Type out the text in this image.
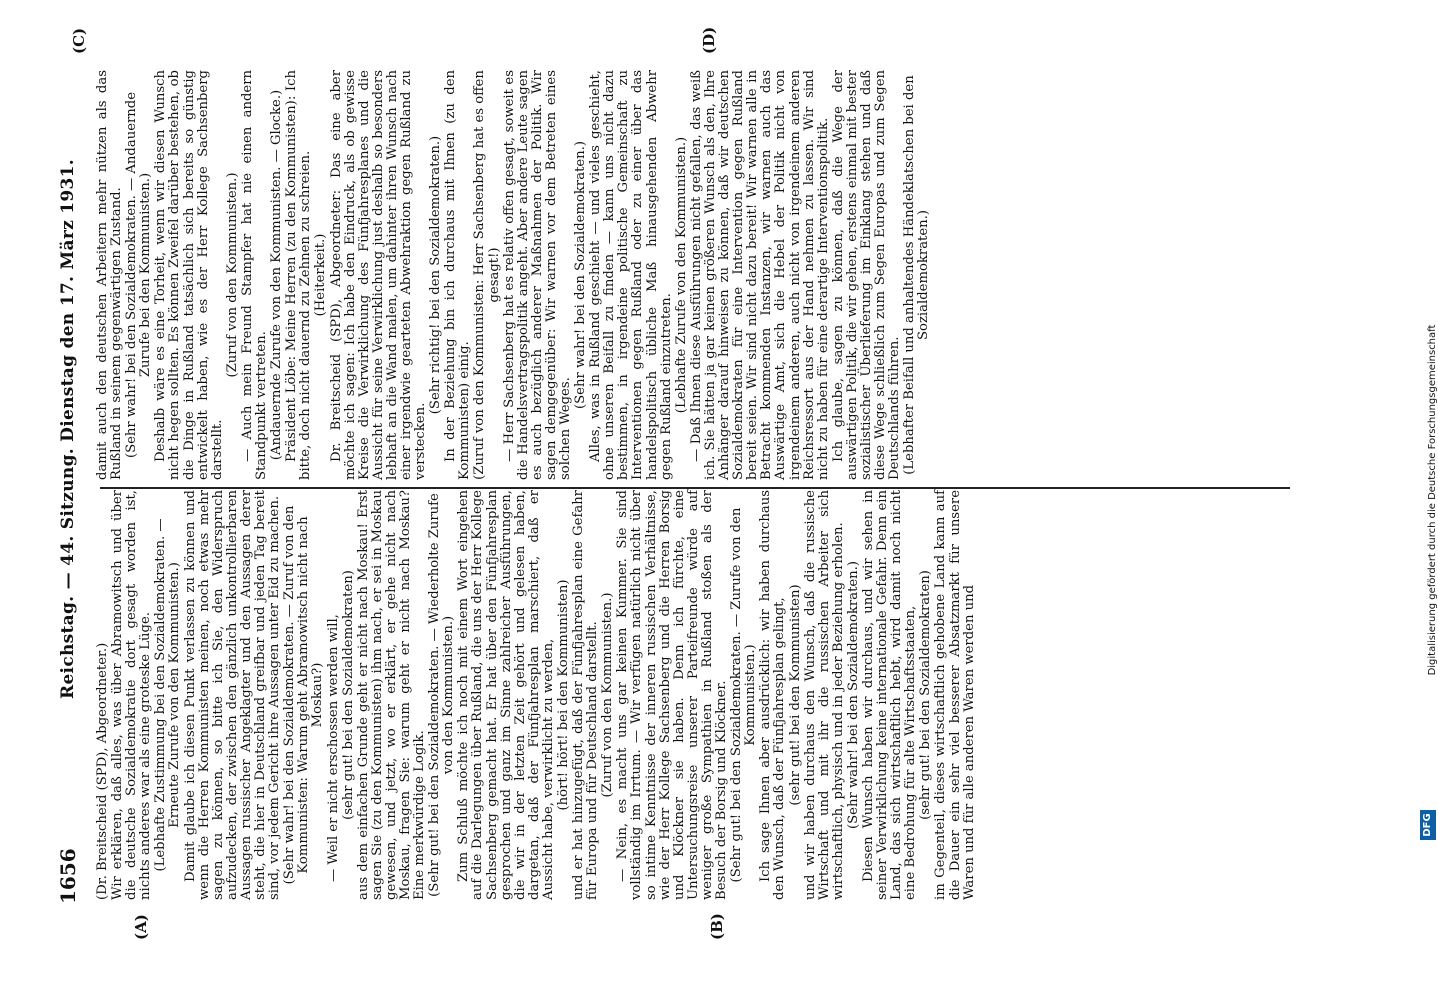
1656
Reichstag. — 44. Sitzung. Dienstag den 17. März 1931.
(A)	(B)
(C)	(D)

(Dr. Breitscheid (SPD), Abgeordneter.) Wir erklären, daß alles, was über Abramowitsch und über die deutsche Sozialdemokratie dort gesagt worden ist, nichts anderes war als eine groteske Lüge. (Lebhafte Zustimmung bei den Sozialdemokraten. — Erneute Zurufe von den Kommunisten.) Damit glaube ich diesen Punkt verlassen zu können und wenn die Herren Kommunisten meinen, noch etwas mehr sagen zu können, so bitte ich Sie, den Widerspruch aufzudecken, der zwischen den gänzlich unkontrollierbaren Aussagen russischer Angeklagter und den Aussagen derer steht, die hier in Deutschland greifbar und jeden Tag bereit sind, vor jedem Gericht ihre Aussagen unter Eid zu machen. (Sehr wahr! bei den Sozialdemokraten. — Zuruf von den Kommunisten: Warum geht Abramowitsch nicht nach Moskau?) — Weil er nicht erschossen werden will, (sehr gut! bei den Sozialdemokraten) aus dem einfachen Grunde geht er nicht nach Moskau! Erst sagen Sie (zu den Kommunisten) ihm nach, er sei in Moskau gewesen, und jetzt, wo er erklärt, er gehe nicht nach Moskau, fragen Sie: warum geht er nicht nach Moskau? Eine merkwürdige Logik. (Sehr gut! bei den Sozialdemokraten. — Wiederholte Zurufe von den Kommunisten.) Zum Schluß möchte ich noch mit einem Wort eingehen auf die Darlegungen über Rußland, die uns der Herr Kollege Sachsenberg gemacht hat. Er hat über den Fünfjahresplan gesprochen und ganz im Sinne zahlreicher Ausführungen, die wir in der letzten Zeit gehört und gelesen haben, dargetan, daß der Fünfjahresplan marschiert, daß er Aussicht habe, verwirklicht zu werden, (hört! hört! bei den Kommunisten) und er hat hinzugefügt, daß der Fünfjahresplan eine Gefahr für Europa und für Deutschland darstellt. (Zuruf von den Kommunisten.) — Nein, es macht uns gar keinen Kummer. Sie sind vollständig im Irrtum. — Wir verfügen natürlich nicht über so intime Kenntnisse der inneren russischen Verhältnisse, wie der Herr Kollege Sachsenberg und die Herren Borsig und Klöckner sie haben. Denn ich fürchte, eine Untersuchungsreise unserer Parteifreunde würde auf weniger große Sympathien in Rußland stoßen als der Besuch der Borsig und Klöckner. (Sehr gut! bei den Sozialdemokraten. — Zurufe von den Kommunisten.) Ich sage Ihnen aber ausdrücklich: wir haben durchaus den Wunsch, daß der Fünfjahresplan gelingt, (sehr gut! bei den Kommunisten) und wir haben durchaus den Wunsch, daß die russische Wirtschaft und mit ihr die russischen Arbeiter sich wirtschaftlich, physisch und in jeder Beziehung erholen. (Sehr wahr! bei den Sozialdemokraten.) Diesen Wunsch haben wir durchaus, und wir sehen in seiner Verwirklichung keine internationale Gefahr. Denn ein Land, das sich wirtschaftlich hebt, wird damit noch nicht eine Bedrohung für alte Wirtschaftsstaaten, (sehr gut! bei den Sozialdemokraten) im Gegenteil, dieses wirtschaftlich gehobene Land kann auf die Dauer ein sehr viel besserer Absatzmarkt für unsere Waren und für alle anderen Waren werden und

damit auch den deutschen Arbeitern mehr nützen als das Rußland in seinem gegenwärtigen Zustand. (Sehr wahr! bei den Sozialdemokraten. — Andauernde Zurufe bei den Kommunisten.) Deshalb wäre es eine Torheit, wenn wir diesen Wunsch nicht hegen sollten. Es können Zweifel darüber bestehen, ob die Dinge in Rußland tatsächlich sich bereits so günstig entwickelt haben, wie es der Herr Kollege Sachsenberg darstellt.

(Zuruf von den Kommunisten.) — Auch mein Freund Stampfer hat nie einen andern Standpunkt vertreten. (Andauernde Zurufe von den Kommunisten. — Glocke.) Präsident Löbe: Meine Herren (zu den Kommunisten): Ich bitte, doch nicht dauernd zu Zehnen zu schreien. (Heiterkeit.) Dr. Breitscheid (SPD), Abgeordneter: Das eine aber möchte ich sagen: Ich habe den Eindruck, als ob gewisse Kreise die Verwirklichung des Fünfjahresplanes und die Aussicht für seine Verwirklichung just deshalb so besonders lebhaft an die Wand malen, um dahinter ihren Wunsch nach einer irgendwie gearteten Abwehraktion gegen Rußland zu verstecken.

(Sehr richtig! bei den Sozialdemokraten.) In der Beziehung bin ich durchaus mit Ihnen (zu den Kommunisten) einig. (Zuruf von den Kommunisten: Herr Sachsenberg hat es offen gesagt!) — Herr Sachsenberg hat es relativ offen gesagt, soweit es die Handelsvertragspolitik angeht. Aber andere Leute sagen es auch bezüglich anderer Maßnahmen der Politik. Wir sagen demgegenüber: Wir warnen vor dem Betreten eines solchen Weges.

(Sehr wahr! bei den Sozialdemokraten.) Alles, was in Rußland geschieht — und vieles geschieht, ohne unseren Beifall zu finden — kann uns nicht dazu bestimmen, in irgendeine politische Gemeinschaft zu Interventionen gegen Rußland oder zu einer über das handelspolitisch übliche Maß hinausgehenden Abwehr gegen Rußland einzutreten. (Lebhafte Zurufe von den Kommunisten.) — Daß Ihnen diese Ausführungen nicht gefallen, das weiß ich. Sie hätten ja gar keinen größeren Wunsch als den, Ihre Anhänger darauf hinweisen zu können, daß wir deutschen Sozialdemokraten für eine Intervention gegen Rußland bereit seien. Wir sind nicht dazu bereit! Wir warnen alle in Betracht kommenden Instanzen, wir warnen auch das Auswärtige Amt, sich die Hebel der Politik nicht von irgendeinem anderen, auch nicht von irgendeinem anderen Reichsressort aus der Hand nehmen zu lassen. Wir sind nicht zu haben für eine derartige Interventionspolitik. Ich glaube, sagen zu können, daß die Wege der auswärtigen Politik, die wir gehen, erstens einmal mit bester sozialistischer Überlieferung im Einklang stehen und daß diese Wege schließlich zum Segen Europas und zum Segen Deutschlands führen. (Lebhafter Beifall und anhaltendes Händeklatschen bei den Sozialdemokraten.)

DFG
Digitalisierung gefördert durch die Deutsche Forschungsgemeinschaft
